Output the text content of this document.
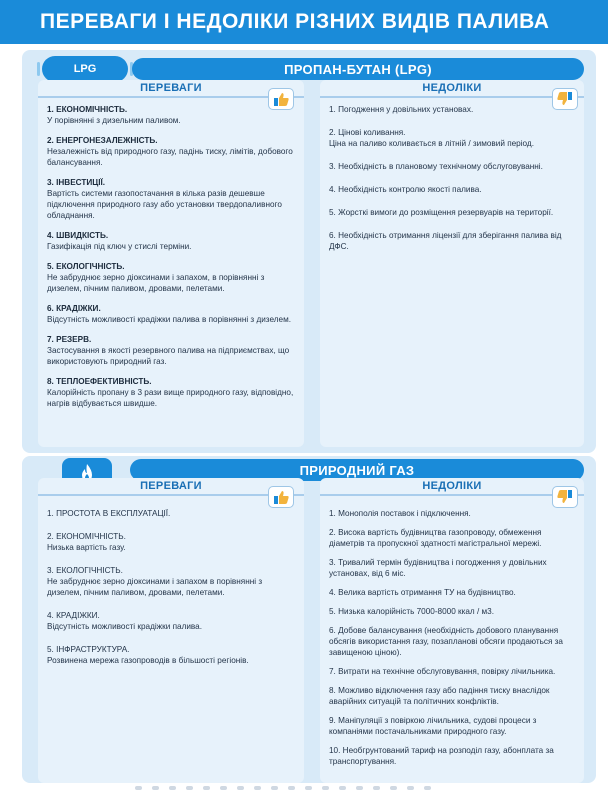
ПЕРЕВАГИ І НЕДОЛІКИ РІЗНИХ ВИДІВ ПАЛИВА
LPG	ПРОПАН-БУТАН (LPG)
ПЕРЕВАГИ
1. ЕКОНОМІЧНІСТЬ.
У порівнянні з дизельним паливом.
2. ЕНЕРГОНЕЗАЛЕЖНІСТЬ.
Незалежність від природного газу, падінь тиску, лімітів, добового балансування.
3. ІНВЕСТИЦІЇ.
Вартість системи газопостачання в кілька разів дешевше підключення природного газу або установки твердопаливного обладнання.
4. ШВИДКІСТЬ.
Газифікація під ключ у стислі терміни.
5. ЕКОЛОГІЧНІСТЬ.
Не забруднює зерно діоксинами і запахом, в порівнянні з дизелем, пічним паливом, дровами, пелетами.
6. КРАДІЖКИ.
Відсутність можливості крадіжки палива в порівнянні з дизелем.
7. РЕЗЕРВ.
Застосування в якості резервного палива на підприємствах, що використовують природний газ.
8. ТЕПЛОЕФЕКТИВНІСТЬ.
Калорійність пропану в 3 рази вище природного газу, відповідно, нагрів відбувається швидше.
НЕДОЛІКИ
1. Погодження у довільних установах.
2. Цінові коливання.
Ціна на паливо коливається в літній / зимовий період.
3. Необхідність в плановому технічному обслуговуванні.
4. Необхідність контролю якості палива.
5. Жорсткі вимоги до розміщення резервуарів на території.
6. Необхідність отримання ліцензії для зберігання палива від ДФС.
ПРИРОДНИЙ ГАЗ
ПЕРЕВАГИ
1. ПРОСТОТА В ЕКСПЛУАТАЦІЇ.
2. ЕКОНОМІЧНІСТЬ.
Низька вартість газу.
3. ЕКОЛОГІЧНІСТЬ.
Не забруднює зерно діоксинами і запахом в порівнянні з дизелем, пічним паливом, дровами, пелетами.
4. КРАДІЖКИ.
Відсутність можливості крадіжки палива.
5. ІНФРАСТРУКТУРА.
Розвинена мережа газопроводів в більшості регіонів.
НЕДОЛІКИ
1. Монополія поставок і підключення.
2. Висока вартість будівництва газопроводу, обмеження діаметрів та пропускної здатності магістральної мережі.
3. Тривалий термін будівництва і погодження у довільних установах, від 6 міс.
4. Велика вартість отримання ТУ на будівництво.
5. Низька калорійність 7000-8000 ккал / м3.
6. Добове балансування (необхідність добового планування обсягів використання газу, позапланові обсяги продаються за завищеною ціною).
7. Витрати на технічне обслуговування, повірку лічильника.
8. Можливо відключення газу або падіння тиску внаслідок аварійних ситуацій та політичних конфліктів.
9. Маніпуляції з повіркою лічильника, судові процеси з компаніями постачальниками природного газу.
10. Необгрунтований тариф на розподіл газу, абонплата за транспортування.
